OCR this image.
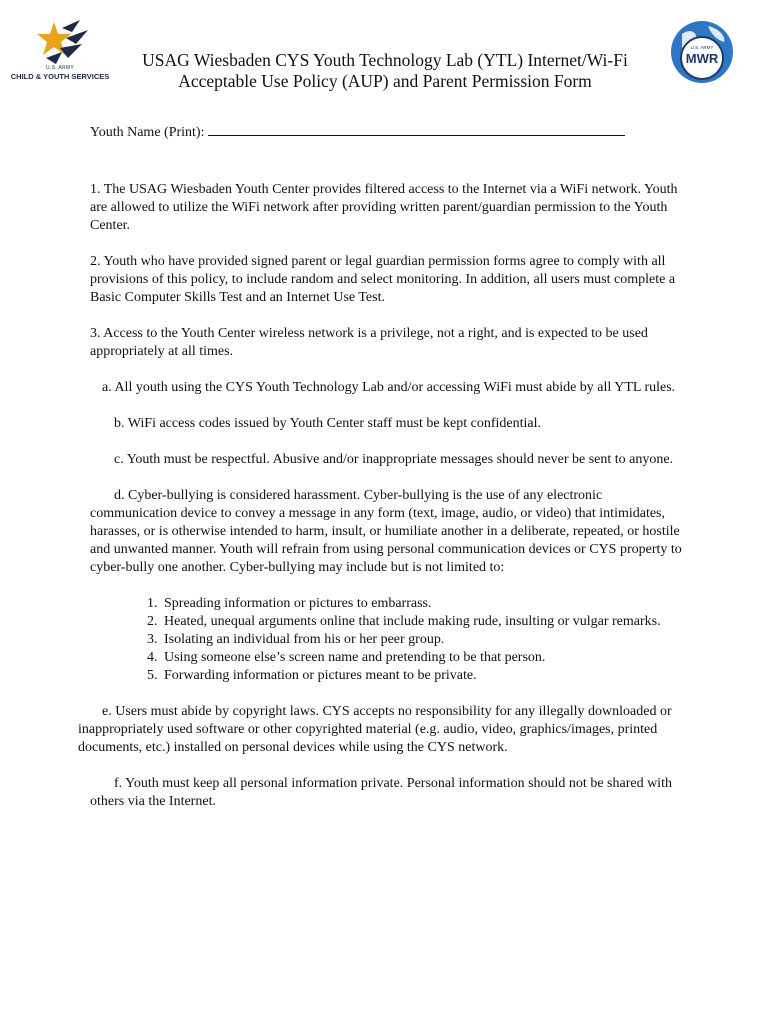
U.S. ARMY
CHILD & YOUTH SERVICES
U.S. ARMY
MWR
USAG Wiesbaden CYS Youth Technology Lab (YTL) Internet/Wi-Fi
Acceptable Use Policy (AUP) and Parent Permission Form

Youth Name (Print):

1. The USAG Wiesbaden Youth Center provides filtered access to the Internet via a WiFi network. Youth are allowed to utilize the WiFi network after providing written parent/guardian permission to the Youth Center.

2. Youth who have provided signed parent or legal guardian permission forms agree to comply with all provisions of this policy, to include random and select monitoring. In addition, all users must complete a Basic Computer Skills Test and an Internet Use Test.

3. Access to the Youth Center wireless network is a privilege, not a right, and is expected to be used appropriately at all times.

a. All youth using the CYS Youth Technology Lab and/or accessing WiFi must abide by all YTL rules.

b. WiFi access codes issued by Youth Center staff must be kept confidential.

c. Youth must be respectful. Abusive and/or inappropriate messages should never be sent to anyone.

d. Cyber-bullying is considered harassment. Cyber-bullying is the use of any electronic communication device to convey a message in any form (text, image, audio, or video) that intimidates, harasses, or is otherwise intended to harm, insult, or humiliate another in a deliberate, repeated, or hostile and unwanted manner. Youth will refrain from using personal communication devices or CYS property to cyber-bully one another. Cyber-bullying may include but is not limited to:

1. Spreading information or pictures to embarrass.
2. Heated, unequal arguments online that include making rude, insulting or vulgar remarks.
3. Isolating an individual from his or her peer group.
4. Using someone else’s screen name and pretending to be that person.
5. Forwarding information or pictures meant to be private.

e. Users must abide by copyright laws. CYS accepts no responsibility for any illegally downloaded or inappropriately used software or other copyrighted material (e.g. audio, video, graphics/images, printed documents, etc.) installed on personal devices while using the CYS network.

f. Youth must keep all personal information private. Personal information should not be shared with others via the Internet.
